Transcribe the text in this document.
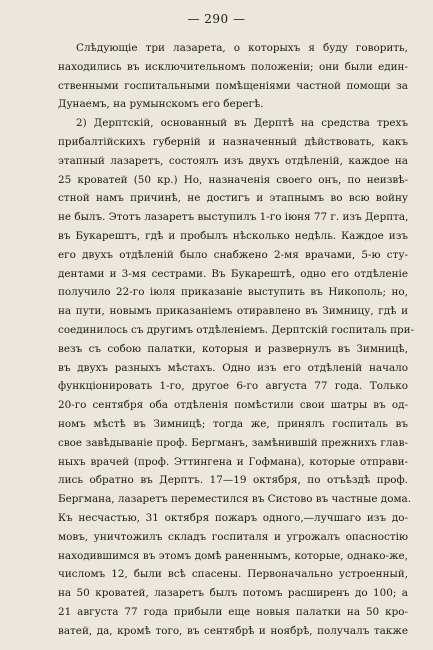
— 290 —
Слѣдующіе три лазарета, о которыхъ я буду говорить,
находились въ исключительномъ положеніи; они были един-
ственными госпитальными помѣщеніями частной помощи за
Дунаемъ, на румынскомъ его берегѣ.
2) Дерптскій, основанный въ Дерптѣ на средства трехъ
прибалтійскихъ губерній и назначенный дѣйствовать, какъ
этапный лазаретъ, состоялъ изъ двухъ отдѣленій, каждое на
25 кроватей (50 кр.) Но, назначенія своего онъ, по неизвѣ-
стной намъ причинѣ, не достигъ и этапнымъ во всю войну
не былъ. Этотъ лазаретъ выступилъ 1-го іюня 77 г. изъ Дерпта,
въ Букарештъ, гдѣ и пробылъ нѣсколько недѣль. Каждое изъ
его двухъ отдѣленій было снабжено 2-мя врачами, 5-ю сту-
дентами и 3-мя сестрами. Въ Букарештѣ, одно его отдѣленіе
получило 22-го іюля приказаніе выступить въ Никополь; но,
на пути, новымъ приказаніемъ отиравлено въ Зимницу, гдѣ и
соединилось съ другимъ отдѣленіемъ. Дерптскій госпиталь при-
везъ съ собою палатки, которыя и развернулъ въ Зимницѣ,
въ двухъ разныхъ мѣстахъ. Одно изъ его отдѣленій начало
функціонировать 1-го, другое 6-го августа 77 года. Только
20-го сентября оба отдѣленія помѣстили свои шатры въ од-
номъ мѣстѣ въ Зимницѣ; тогда же, принялъ госпиталь въ
свое завѣдываніе проф. Бергманъ, замѣнившій прежнихъ глав-
ныхъ врачей (проф. Эттингена и Гофмана), которые отправи-
лись обратно въ Дерптъ. 17—19 октября, по отъѣздѣ проф.
Бергмана, лазаретъ переместился въ Систово въ частные дома.
Къ несчастью, 31 октября пожаръ одного,—лучшаго изъ до-
мовъ, уничтожилъ складъ госпиталя и угрожалъ опасностію
находившимся въ этомъ домѣ раненнымъ, которые, однако-же,
числомъ 12, были всѣ спасены. Первоначально устроенный,
на 50 кроватей, лазаретъ былъ потомъ расширенъ до 100; а
21 августа 77 года прибыли еще новыя палатки на 50 кро-
ватей, да, кромѣ того, въ сентябрѣ и ноябрѣ, получалъ также
